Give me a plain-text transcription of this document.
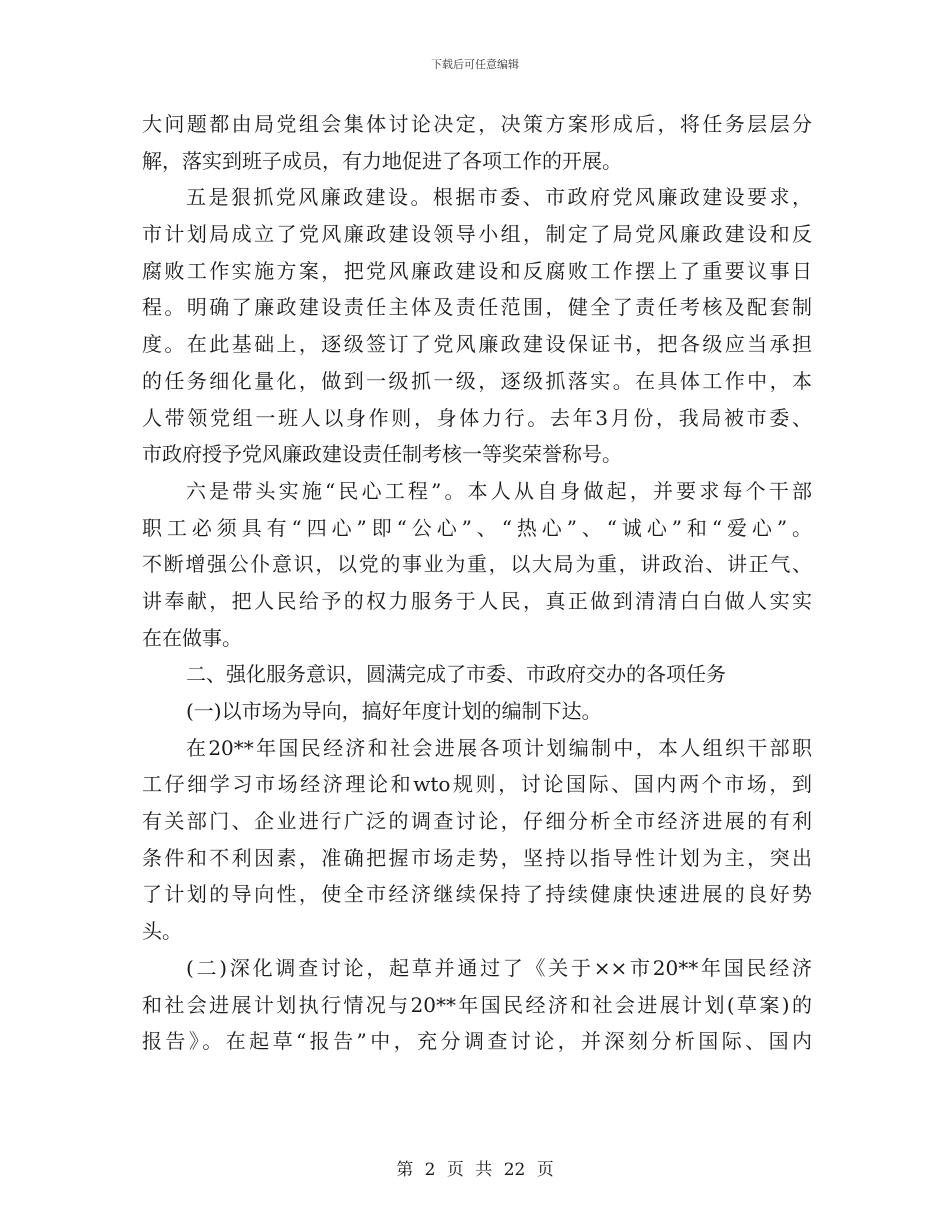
下载后可任意编辑
大问题都由局党组会集体讨论决定，决策方案形成后，将任务层层分
解，落实到班子成员，有力地促进了各项工作的开展。
五是狠抓党风廉政建设。根据市委、市政府党风廉政建设要求，
市计划局成立了党风廉政建设领导小组，制定了局党风廉政建设和反
腐败工作实施方案，把党风廉政建设和反腐败工作摆上了重要议事日
程。明确了廉政建设责任主体及责任范围，健全了责任考核及配套制
度。在此基础上，逐级签订了党风廉政建设保证书，把各级应当承担
的任务细化量化，做到一级抓一级，逐级抓落实。在具体工作中，本
人带领党组一班人以身作则，身体力行。去年3月份，我局被市委、
市政府授予党风廉政建设责任制考核一等奖荣誉称号。
六是带头实施“民心工程”。本人从自身做起，并要求每个干部
职工必须具有“四心”即“公心”、“热心”、“诚心”和“爱心”。
不断增强公仆意识，以党的事业为重，以大局为重，讲政治、讲正气、
讲奉献，把人民给予的权力服务于人民，真正做到清清白白做人实实
在在做事。
二、强化服务意识，圆满完成了市委、市政府交办的各项任务
(一)以市场为导向，搞好年度计划的编制下达。
在20**年国民经济和社会进展各项计划编制中，本人组织干部职
工仔细学习市场经济理论和wto规则，讨论国际、国内两个市场，到
有关部门、企业进行广泛的调查讨论，仔细分析全市经济进展的有利
条件和不利因素，准确把握市场走势，坚持以指导性计划为主，突出
了计划的导向性，使全市经济继续保持了持续健康快速进展的良好势
头。
(二)深化调查讨论，起草并通过了《关于××市20**年国民经济
和社会进展计划执行情况与20**年国民经济和社会进展计划(草案)的
报告》。在起草“报告”中，充分调查讨论，并深刻分析国际、国内
第 2 页 共 22 页
